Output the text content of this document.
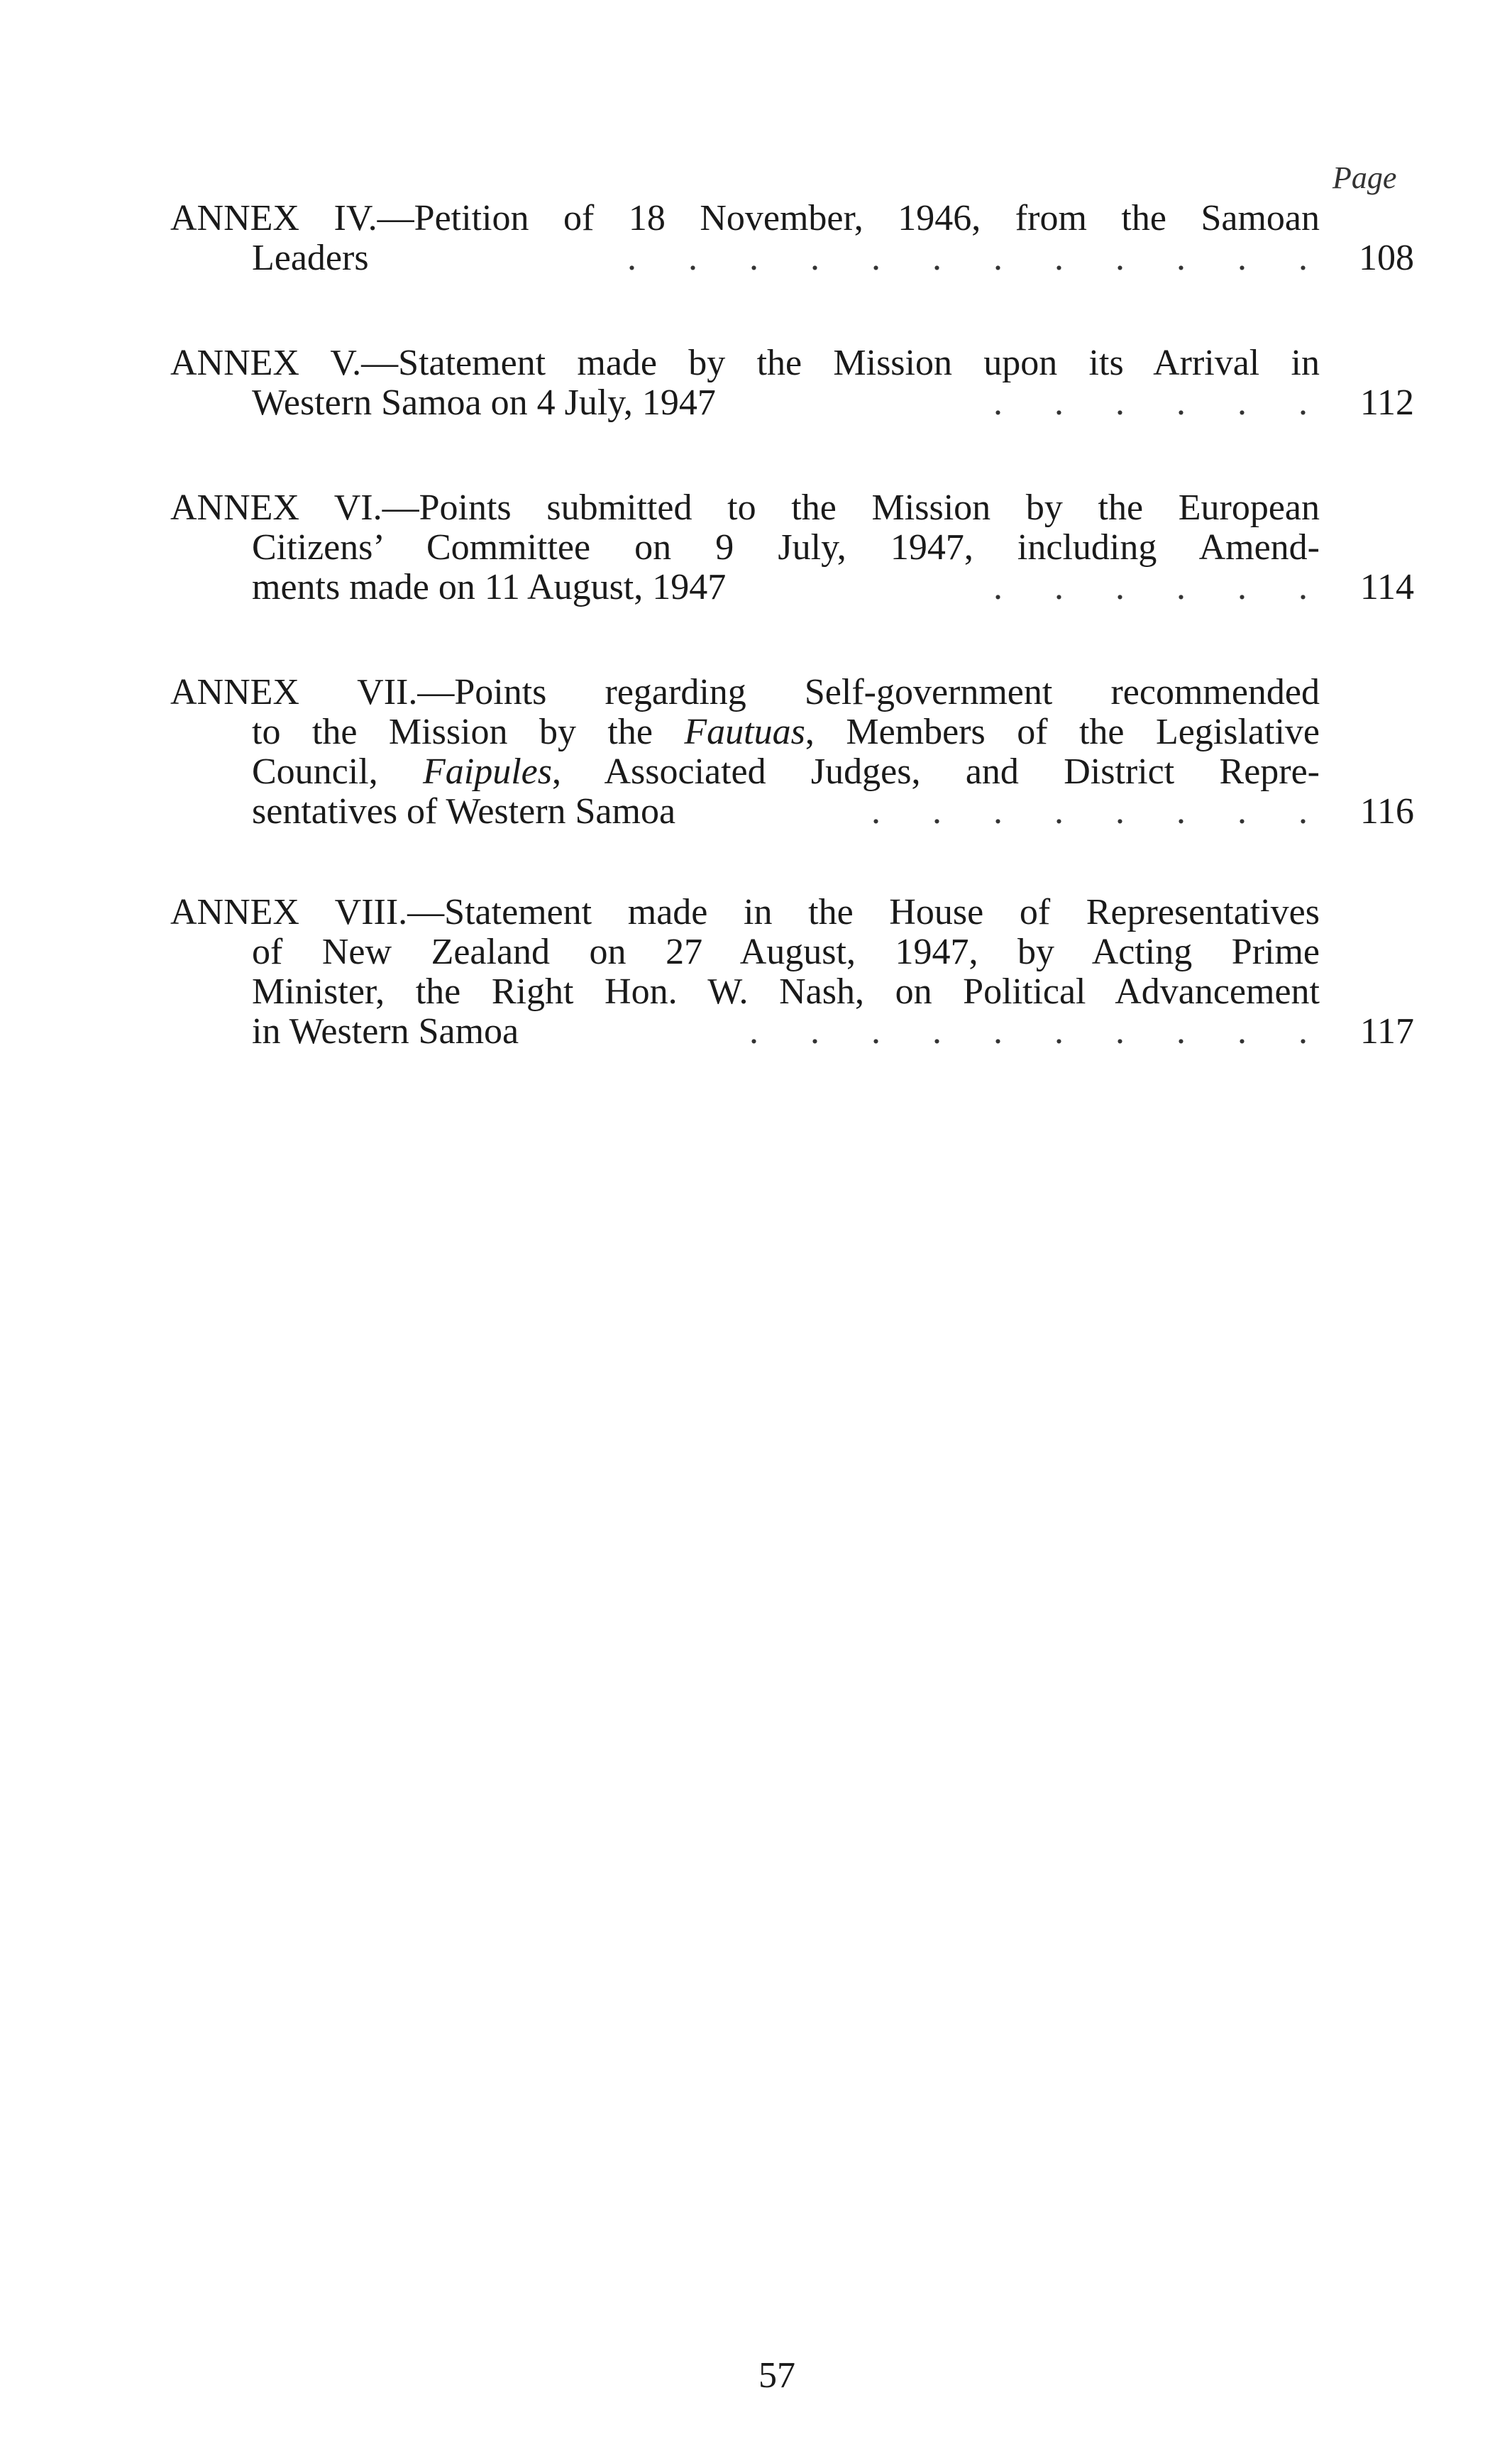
Page
ANNEX IV.—Petition of 18 November, 1946, from the Samoan
Leaders	. . . . . . . . . . . . 108
ANNEX V.—Statement made by the Mission upon its Arrival in
Western Samoa on 4 July, 1947	. . . . . . 112
ANNEX VI.—Points submitted to the Mission by the European
Citizens’ Committee on 9 July, 1947, including Amend-
ments made on 11 August, 1947	. . . . . . 114
ANNEX VII.—Points regarding Self-government recommended
to the Mission by the Fautuas, Members of the Legislative
Council, Faipules, Associated Judges, and District Repre-
sentatives of Western Samoa	. . . . . . . . 116
ANNEX VIII.—Statement made in the House of Representatives
of New Zealand on 27 August, 1947, by Acting Prime
Minister, the Right Hon. W. Nash, on Political Advancement
in Western Samoa	. . . . . . . . . . 117
57
